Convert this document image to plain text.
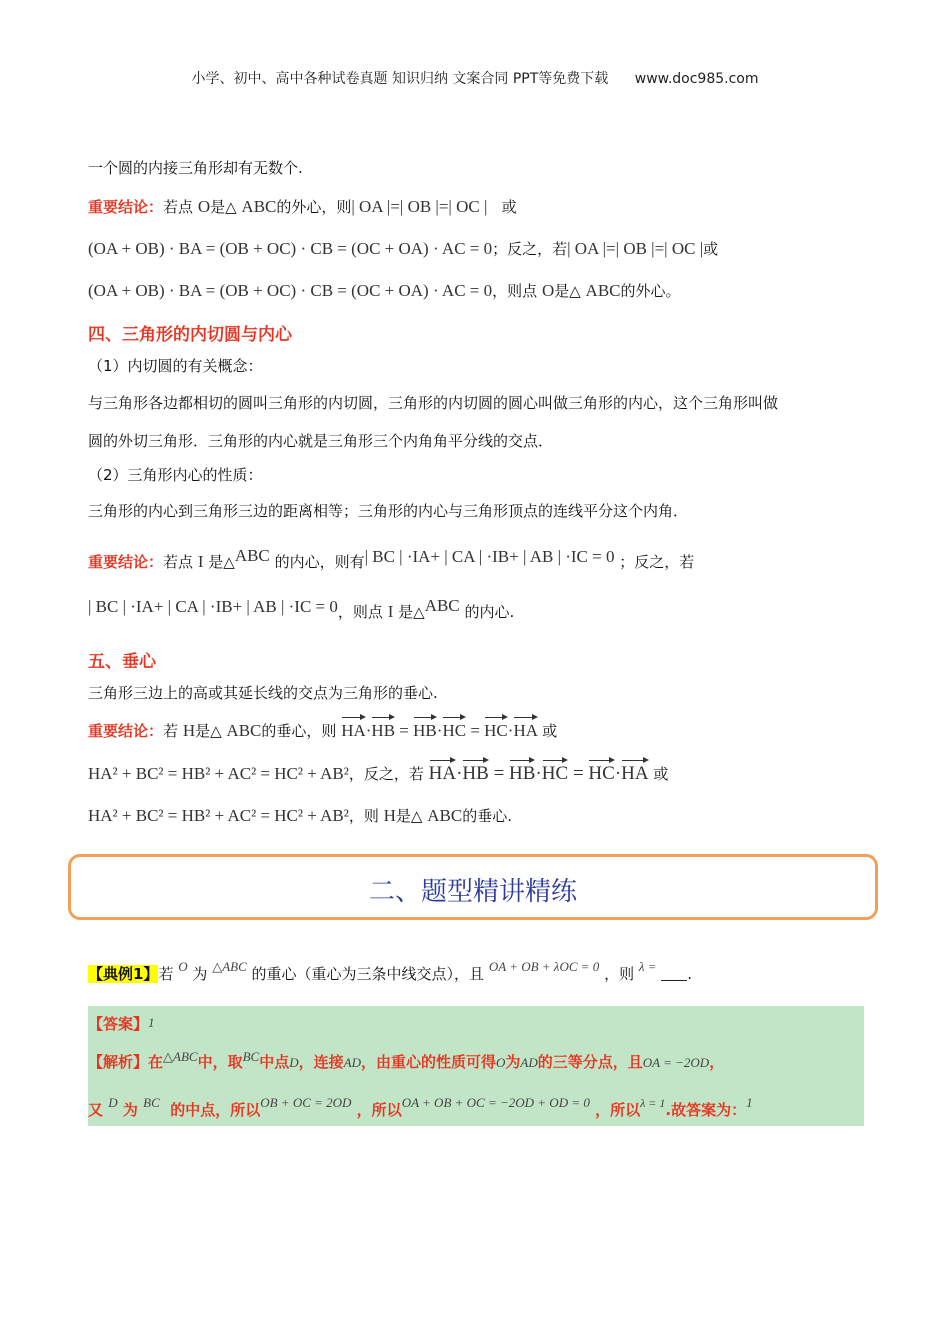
小学、初中、高中各种试卷真题 知识归纳 文案合同 PPT等免费下载 www.doc985.com
一个圆的内接三角形却有无数个.
重要结论：若点 O是△ ABC的外心，则| OA |=| OB |=| OC | 或
(OA + OB) · BA = (OB + OC) · CB = (OC + OA) · AC = 0；反之，若| OA |=| OB |=| OC |或
(OA + OB) · BA = (OB + OC) · CB = (OC + OA) · AC = 0，则点 O是△ ABC的外心。
四、三角形的内切圆与内心
（1）内切圆的有关概念：
与三角形各边都相切的圆叫三角形的内切圆，三角形的内切圆的圆心叫做三角形的内心，这个三角形叫做
圆的外切三角形．三角形的内心就是三角形三个内角角平分线的交点．
（2）三角形内心的性质：
三角形的内心到三角形三边的距离相等；三角形的内心与三角形顶点的连线平分这个内角．
重要结论：若点 I 是△ABC 的内心，则有| BC | ·IA+ | CA | ·IB+ | AB | ·IC = 0 ；反之，若
| BC | ·IA+ | CA | ·IB+ | AB | ·IC = 0，则点 I 是△ABC 的内心.
五、垂心
三角形三边上的高或其延长线的交点为三角形的垂心.
重要结论：若 H是△ ABC的垂心，则 HA·HB = HB·HC = HC·HA 或
HA² + BC² = HB² + AC² = HC² + AB²，反之，若 HA·HB = HB·HC = HC·HA 或
HA² + BC² = HB² + AC² = HC² + AB²，则 H是△ ABC的垂心.
二、题型精讲精练
【典例1】若 O 为 △ABC 的重心（重心为三条中线交点），且 OA + OB + λOC = 0 ，则 λ = .
【答案】1
【解析】在△ABC中，取BC中点D，连接AD，由重心的性质可得O为AD的三等分点，且OA = −2OD，
又 D 为 BC 的中点，所以OB + OC = 2OD ，所以OA + OB + OC = −2OD + OD = 0 ，所以$^{\lambda = 1}$.故答案为：1
